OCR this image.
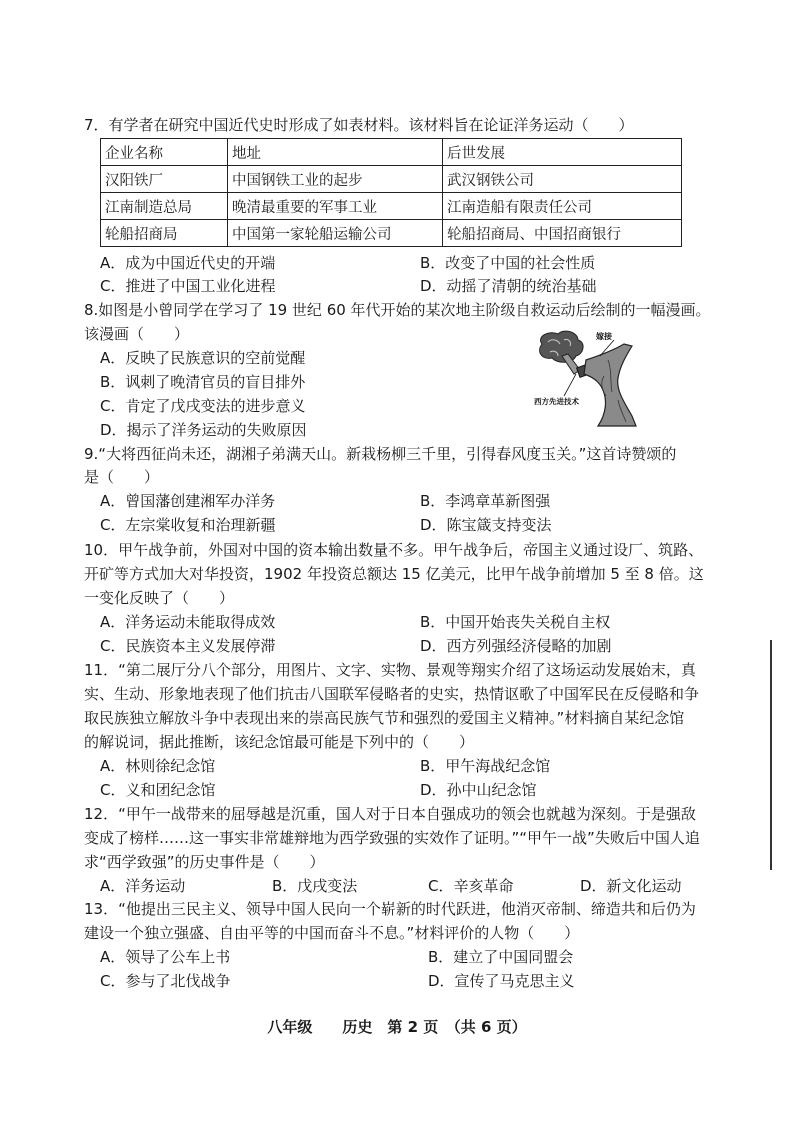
7．有学者在研究中国近代史时形成了如表材料。该材料旨在论证洋务运动（　　）
企业名称	地址	后世发展
汉阳铁厂	中国钢铁工业的起步	武汉钢铁公司
江南制造总局	晚清最重要的军事工业	江南造船有限责任公司
轮船招商局	中国第一家轮船运输公司	轮船招商局、中国招商银行
A．成为中国近代史的开端	B．改变了中国的社会性质
C．推进了中国工业化进程	D．动摇了清朝的统治基础
8.如图是小曾同学在学习了 19 世纪 60 年代开始的某次地主阶级自救运动后绘制的一幅漫画。
该漫画（　　）
A．反映了民族意识的空前觉醒
B．讽刺了晚清官员的盲目排外
C．肯定了戊戌变法的进步意义
D．揭示了洋务运动的失败原因
嫁接
西方先进技术
9.“大将西征尚未还，湖湘子弟满天山。新栽杨柳三千里，引得春风度玉关。”这首诗赞颂的
是（　　）
A．曾国藩创建湘军办洋务	B．李鸿章革新图强
C．左宗棠收复和治理新疆	D．陈宝箴支持变法
10．甲午战争前，外国对中国的资本输出数量不多。甲午战争后，帝国主义通过设厂、筑路、
开矿等方式加大对华投资，1902 年投资总额达 15 亿美元，比甲午战争前增加 5 至 8 倍。这
一变化反映了（　　）
A．洋务运动未能取得成效	B．中国开始丧失关税自主权
C．民族资本主义发展停滞	D．西方列强经济侵略的加剧
11．“第二展厅分八个部分，用图片、文字、实物、景观等翔实介绍了这场运动发展始末，真
实、生动、形象地表现了他们抗击八国联军侵略者的史实，热情讴歌了中国军民在反侵略和争
取民族独立解放斗争中表现出来的崇高民族气节和强烈的爱国主义精神。”材料摘自某纪念馆
的解说词，据此推断，该纪念馆最可能是下列中的（　　）
A．林则徐纪念馆	B．甲午海战纪念馆
C．义和团纪念馆	D．孙中山纪念馆
12．“甲午一战带来的屈辱越是沉重，国人对于日本自强成功的领会也就越为深刻。于是强敌
变成了榜样……这一事实非常雄辩地为西学致强的实效作了证明。”“甲午一战”失败后中国人追
求“西学致强”的历史事件是（　　）
A．洋务运动	B．戊戌变法	C．辛亥革命	D．新文化运动
13．“他提出三民主义、领导中国人民向一个崭新的时代跃进，他消灭帝制、缔造共和后仍为
建设一个独立强盛、自由平等的中国而奋斗不息。”材料评价的人物（　　）
A．领导了公车上书	B．建立了中国同盟会
C．参与了北伐战争	D．宣传了马克思主义
八年级　　历史　第 2 页　（共 6 页）
